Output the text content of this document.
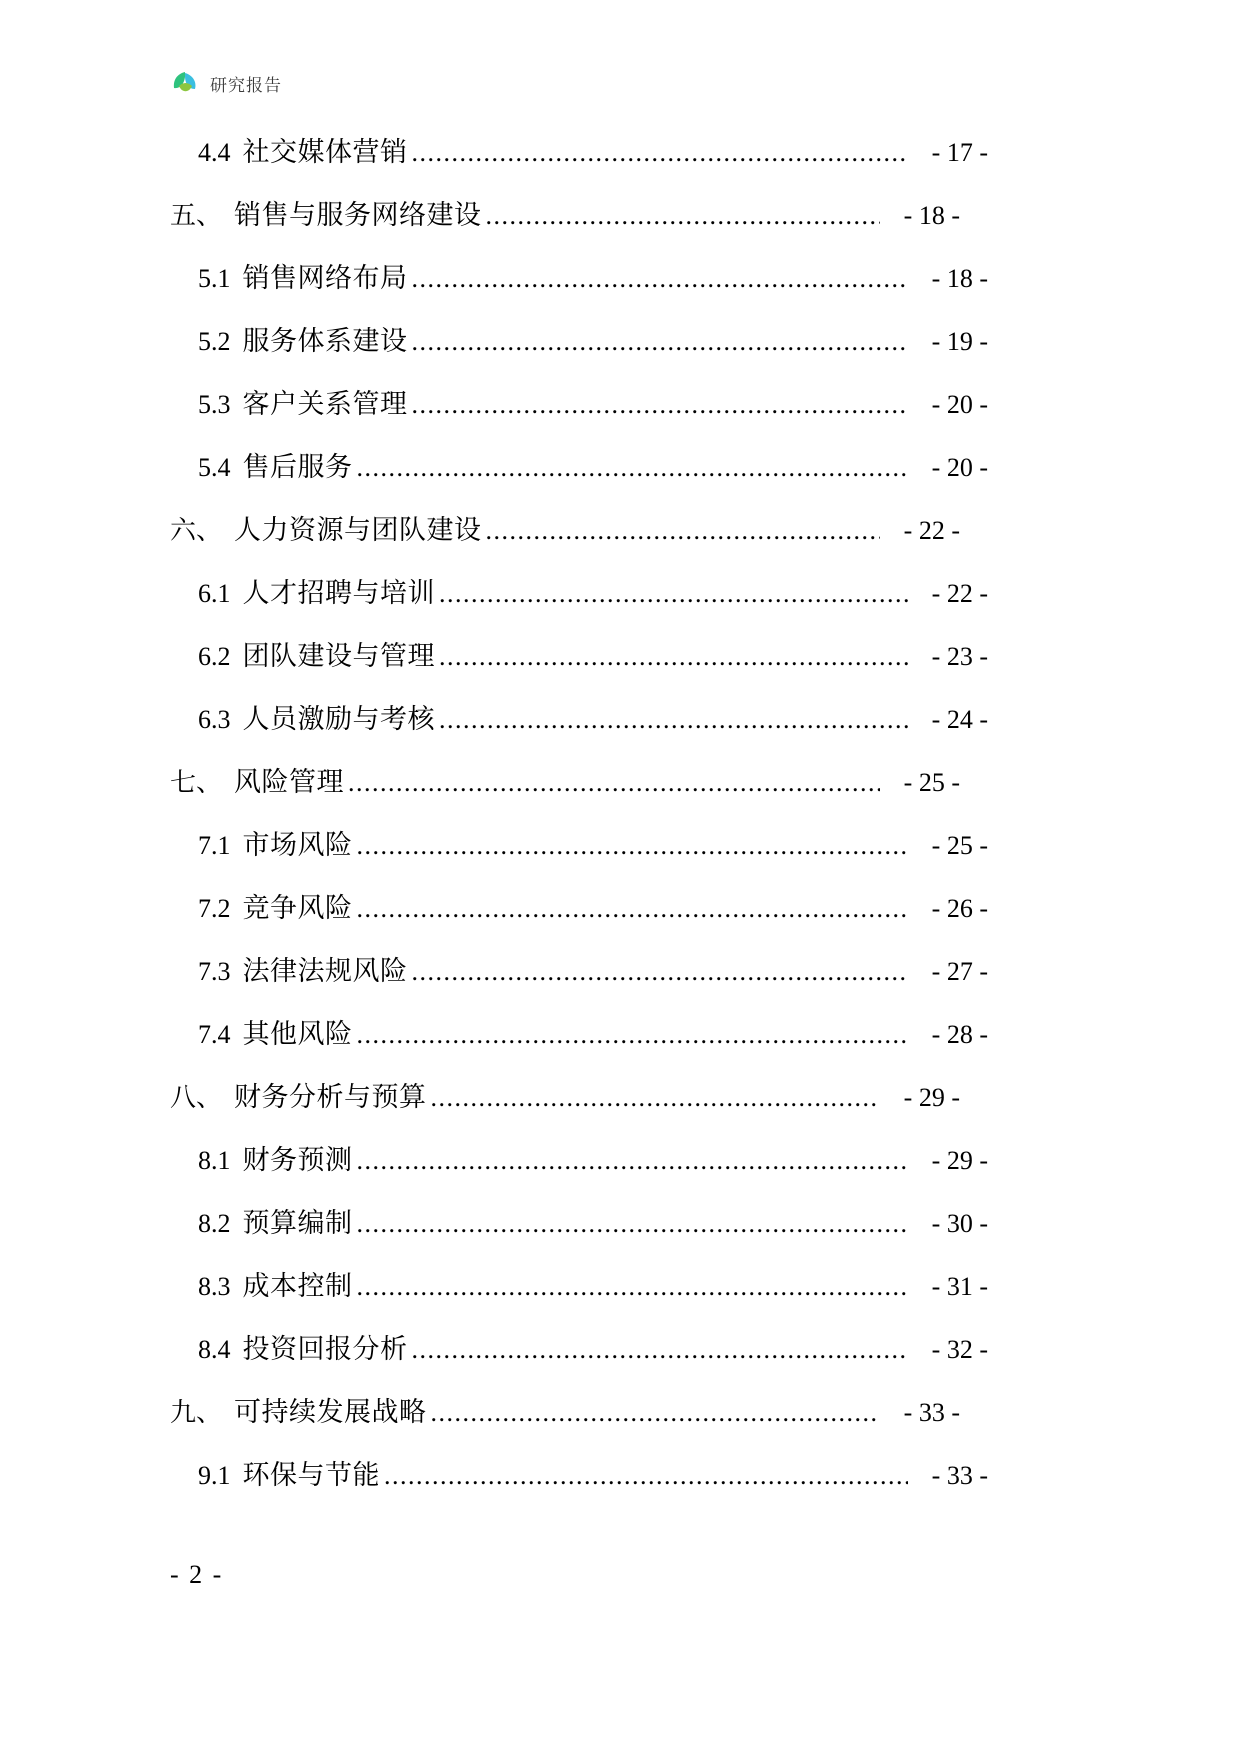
研究报告
4.4 社交媒体营销 .....	- 17 -
五、 销售与服务网络建设 .....	- 18 -
5.1 销售网络布局 .....	- 18 -
5.2 服务体系建设 .....	- 19 -
5.3 客户关系管理 .....	- 20 -
5.4 售后服务 .....	- 20 -
六、 人力资源与团队建设 .....	- 22 -
6.1 人才招聘与培训 .....	- 22 -
6.2 团队建设与管理 .....	- 23 -
6.3 人员激励与考核 .....	- 24 -
七、 风险管理 .....	- 25 -
7.1 市场风险 .....	- 25 -
7.2 竞争风险 .....	- 26 -
7.3 法律法规风险 .....	- 27 -
7.4 其他风险 .....	- 28 -
八、 财务分析与预算 .....	- 29 -
8.1 财务预测 .....	- 29 -
8.2 预算编制 .....	- 30 -
8.3 成本控制 .....	- 31 -
8.4 投资回报分析 .....	- 32 -
九、 可持续发展战略 .....	- 33 -
9.1 环保与节能 .....	- 33 -
- 2 -
